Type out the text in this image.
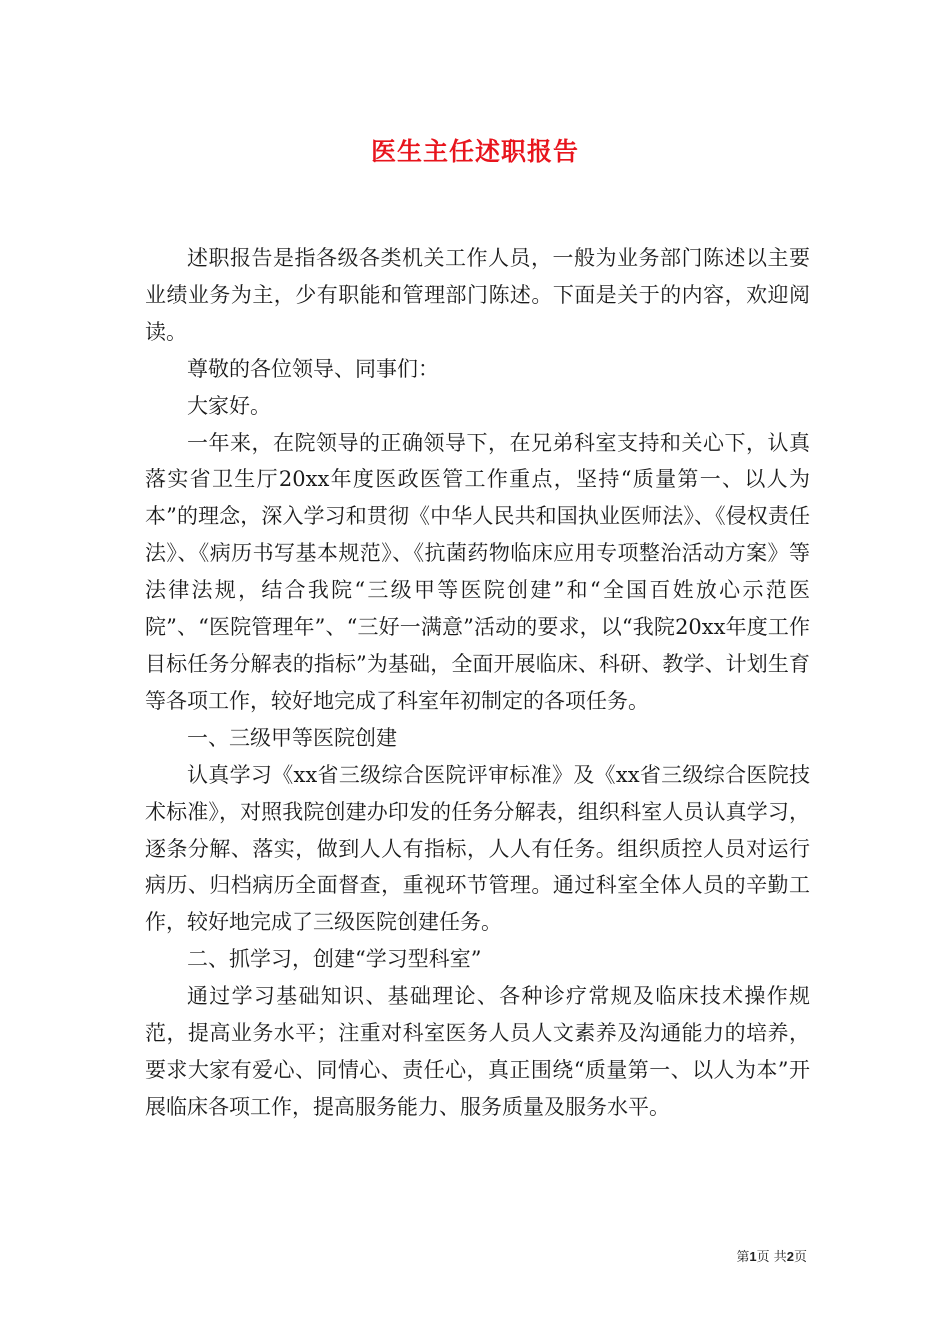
医生主任述职报告

述职报告是指各级各类机关工作人员，一般为业务部门陈述以主要业绩业务为主，少有职能和管理部门陈述。下面是关于的内容，欢迎阅读。

尊敬的各位领导、同事们：

大家好。

一年来，在院领导的正确领导下，在兄弟科室支持和关心下，认真落实省卫生厅20xx年度医政医管工作重点，坚持“质量第一、以人为本”的理念，深入学习和贯彻《中华人民共和国执业医师法》、《侵权责任法》、《病历书写基本规范》、《抗菌药物临床应用专项整治活动方案》等法律法规，结合我院“三级甲等医院创建”和“全国百姓放心示范医院”、“医院管理年”、“三好一满意”活动的要求，以“我院20xx年度工作目标任务分解表的指标”为基础，全面开展临床、科研、教学、计划生育等各项工作，较好地完成了科室年初制定的各项任务。

一、三级甲等医院创建

认真学习《xx省三级综合医院评审标准》及《xx省三级综合医院技术标准》，对照我院创建办印发的任务分解表，组织科室人员认真学习，逐条分解、落实，做到人人有指标，人人有任务。组织质控人员对运行病历、归档病历全面督查，重视环节管理。通过科室全体人员的辛勤工作，较好地完成了三级医院创建任务。

二、抓学习，创建“学习型科室”

通过学习基础知识、基础理论、各种诊疗常规及临床技术操作规范，提高业务水平；注重对科室医务人员人文素养及沟通能力的培养，要求大家有爱心、同情心、责任心，真正围绕“质量第一、以人为本”开展临床各项工作，提高服务能力、服务质量及服务水平。

第1页 共2页
